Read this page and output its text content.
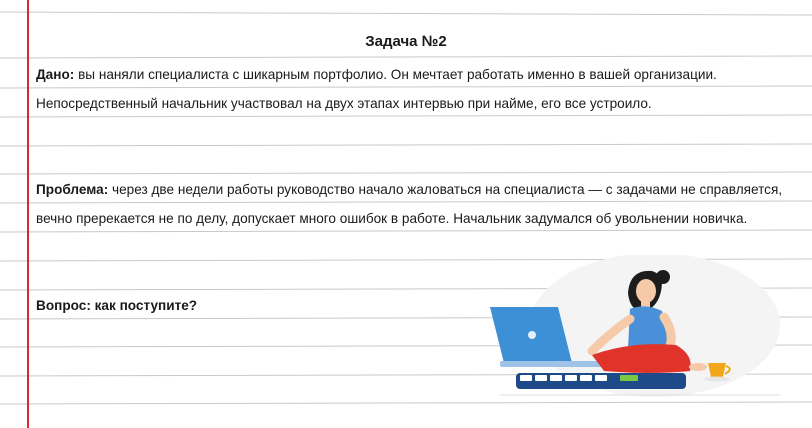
Задача №2
Дано: вы наняли специалиста с шикарным портфолио. Он мечтает работать именно в вашей организации. Непосредственный начальник участвовал на двух этапах интервью при найме, его все устроило.
Проблема: через две недели работы руководство начало жаловаться на специалиста — с задачами не справляется, вечно пререкается не по делу, допускает много ошибок в работе. Начальник задумался об увольнении новичка.
Вопрос: как поступите?
